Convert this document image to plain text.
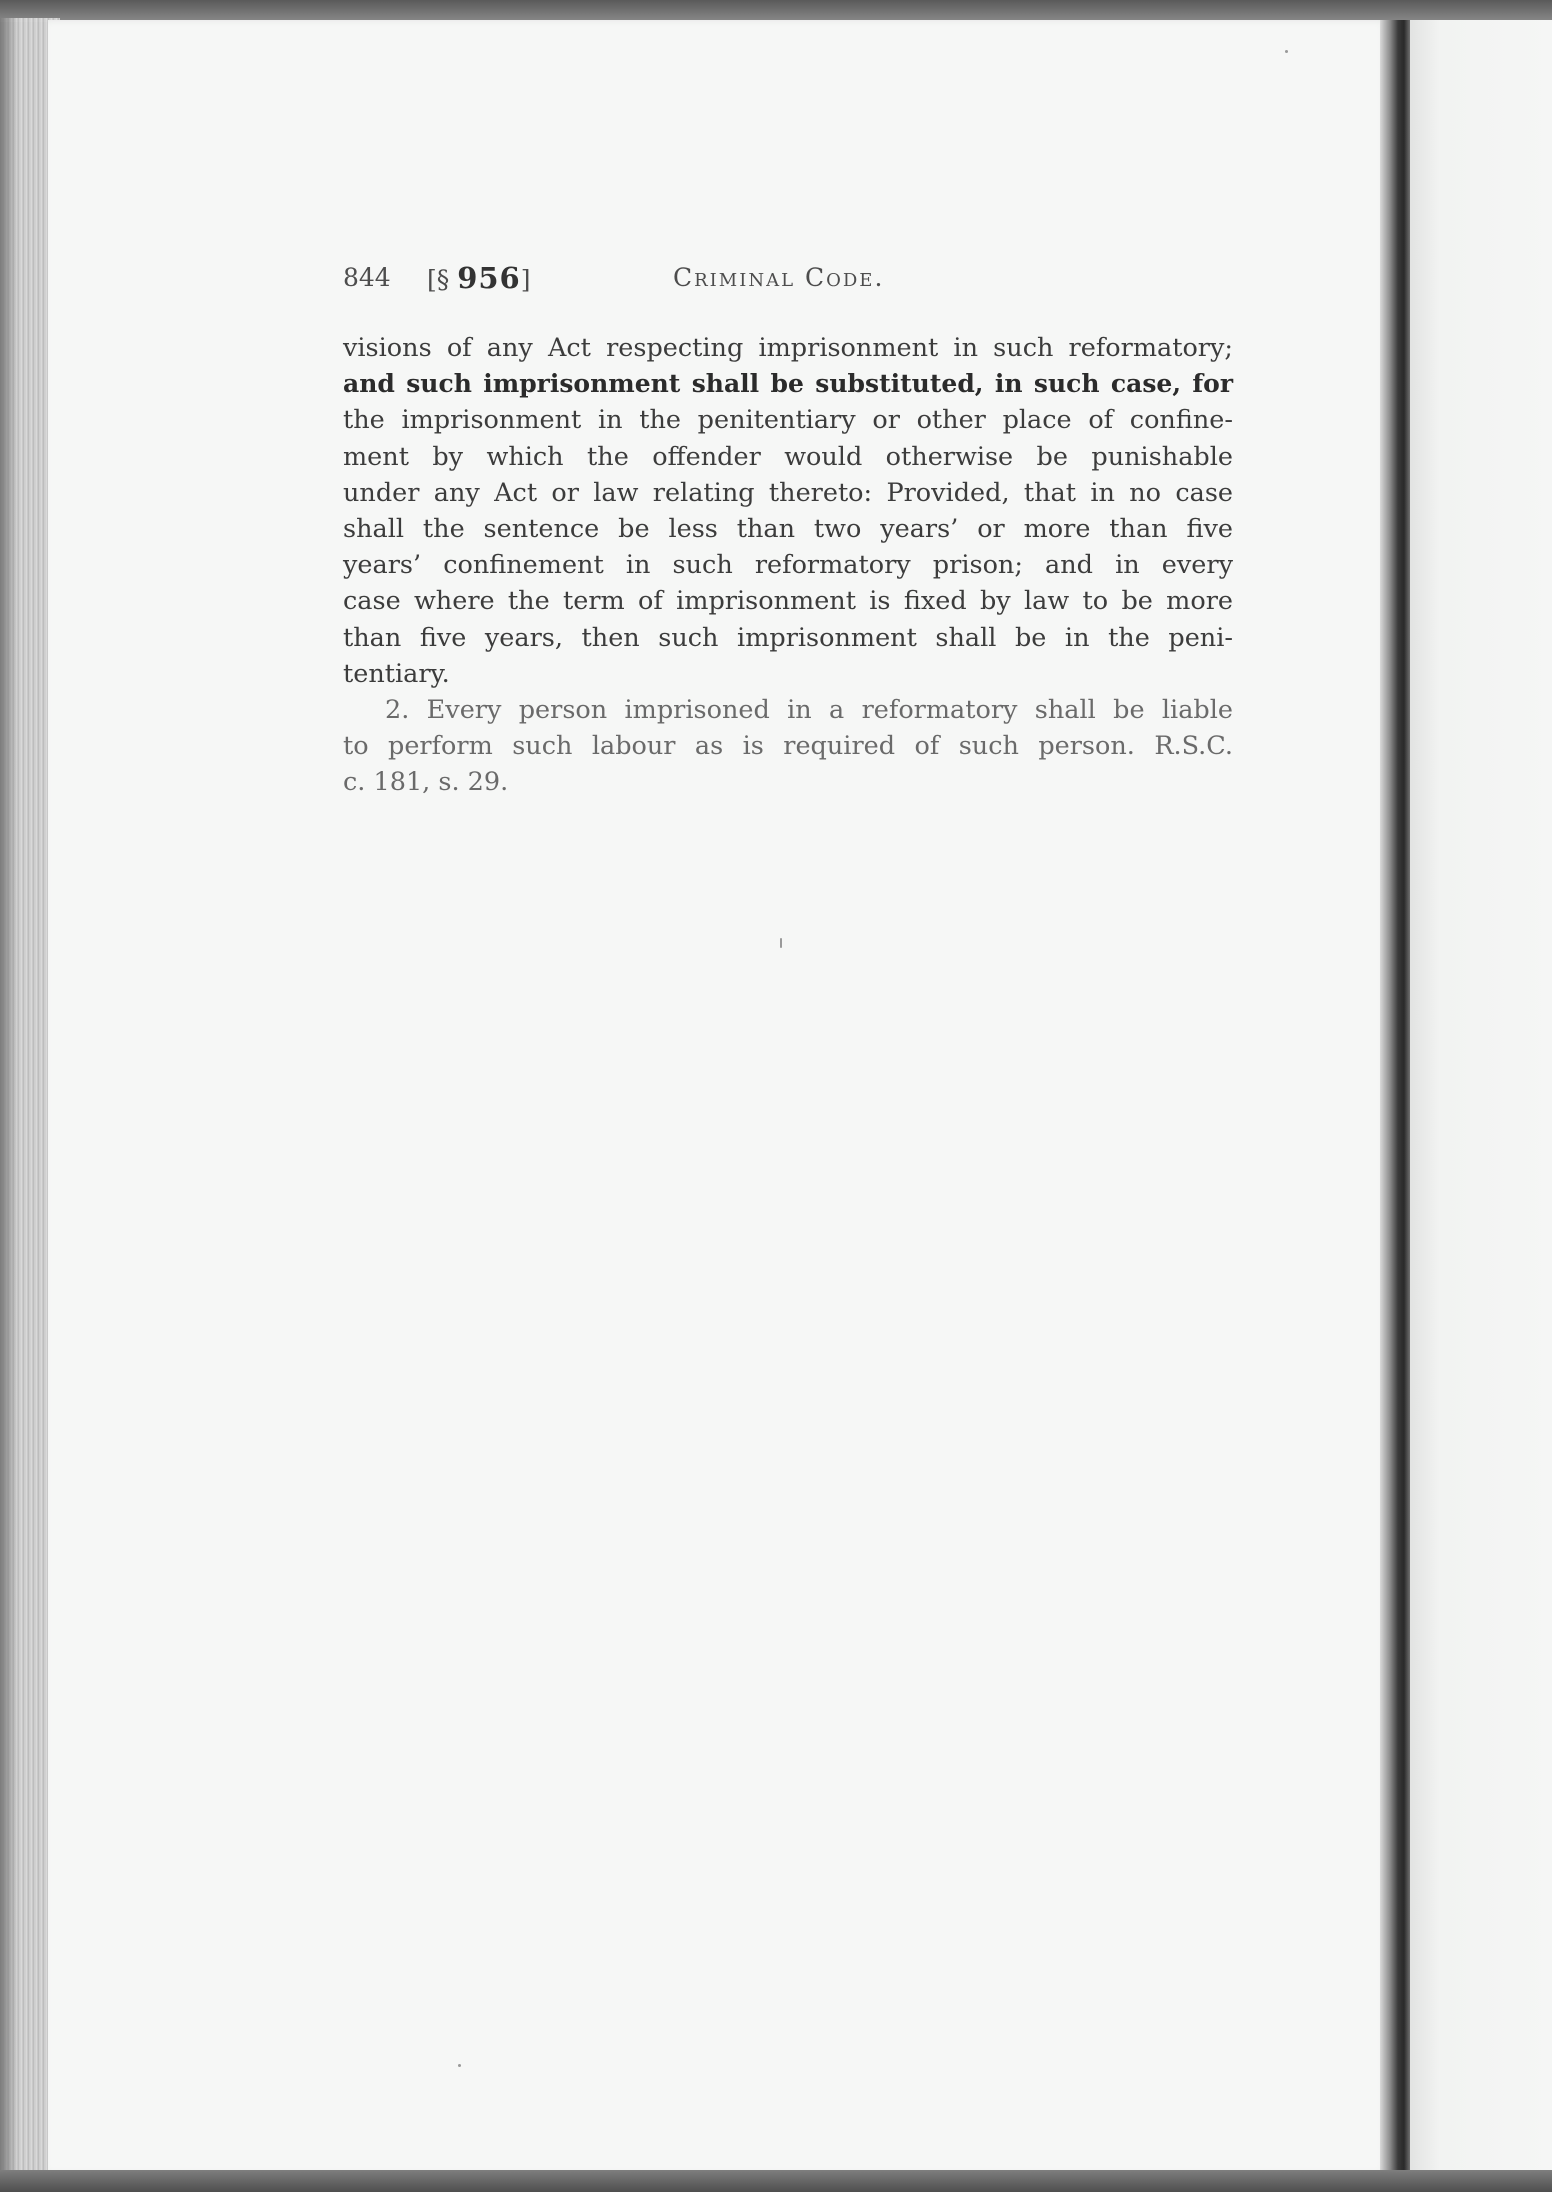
844 [§ 956]	Criminal Code.
visions of any Act respecting imprisonment in such reformatory;
and such imprisonment shall be substituted, in such case, for
the imprisonment in the penitentiary or other place of confine-
ment by which the offender would otherwise be punishable
under any Act or law relating thereto: Provided, that in no case
shall the sentence be less than two years’ or more than five
years’ confinement in such reformatory prison; and in every
case where the term of imprisonment is fixed by law to be more
than five years, then such imprisonment shall be in the peni-
tentiary.
2. Every person imprisoned in a reformatory shall be liable
to perform such labour as is required of such person. R.S.C.
c. 181, s. 29.
